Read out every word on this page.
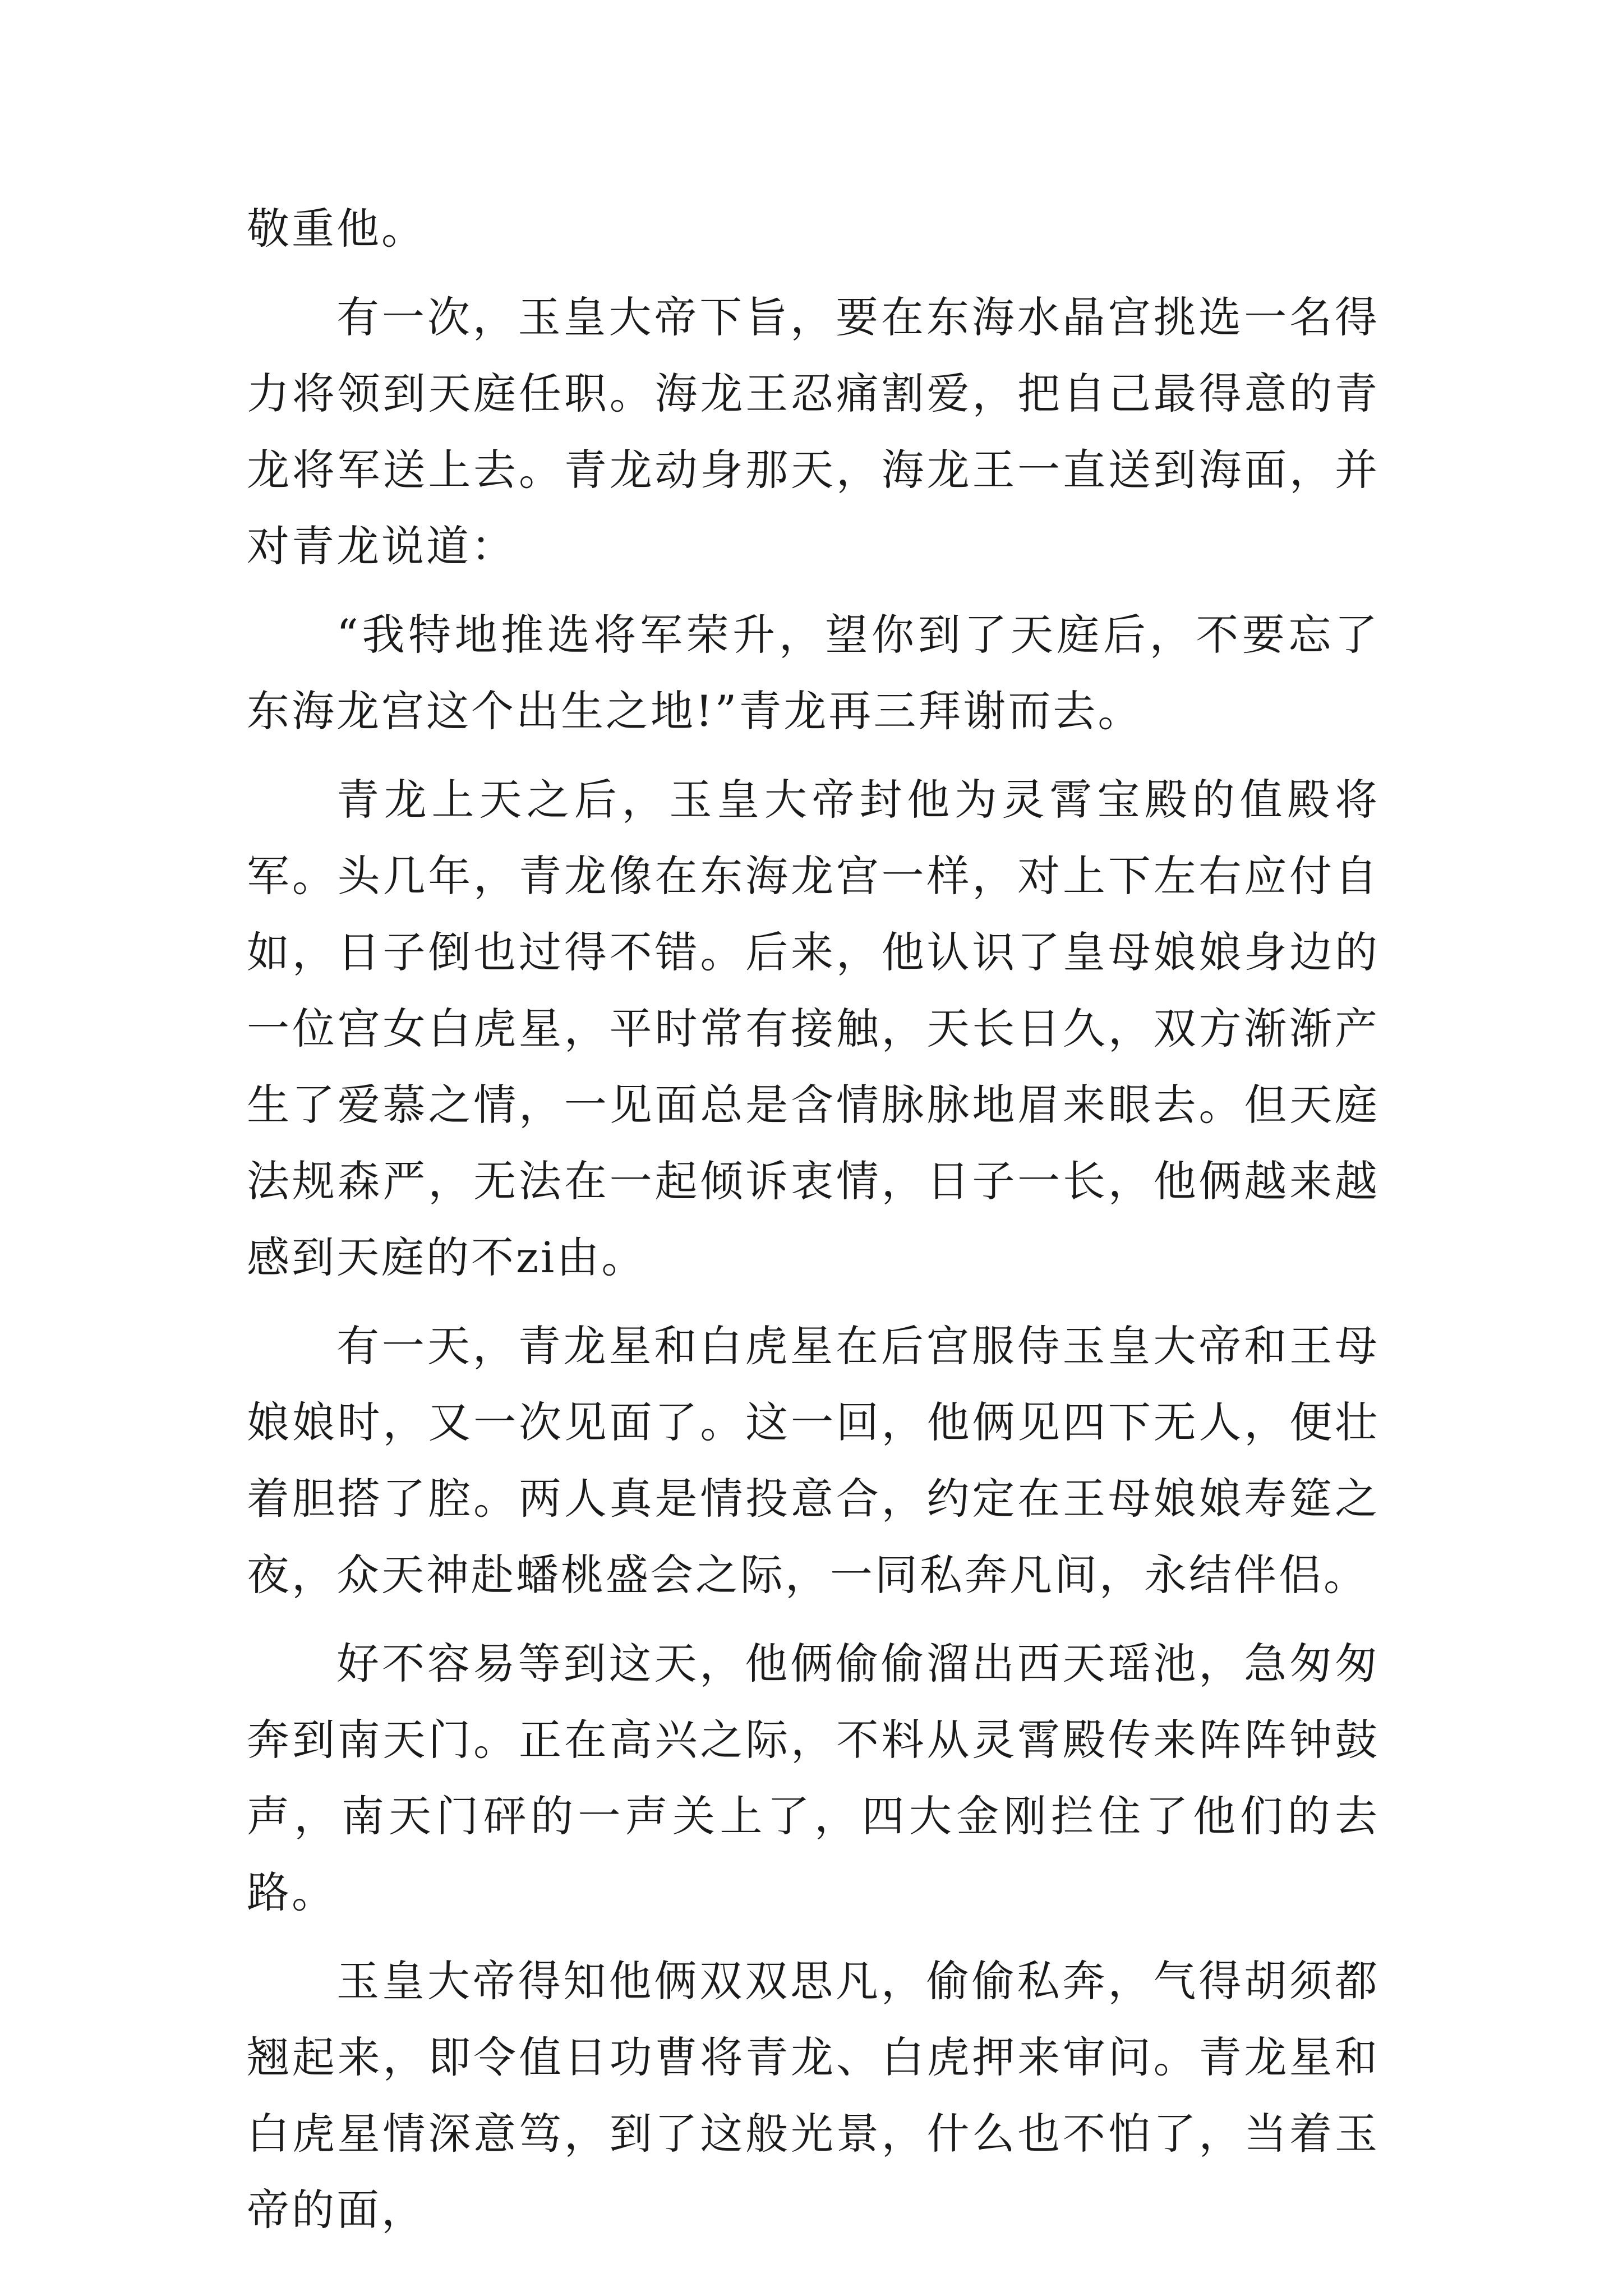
敬重他。

有一次，玉皇大帝下旨，要在东海水晶宫挑选一名得力将领到天庭任职。海龙王忍痛割爱，把自己最得意的青龙将军送上去。青龙动身那天，海龙王一直送到海面，并对青龙说道：

“我特地推选将军荣升，望你到了天庭后，不要忘了东海龙宫这个出生之地!”青龙再三拜谢而去。

青龙上天之后，玉皇大帝封他为灵霄宝殿的值殿将军。头几年，青龙像在东海龙宫一样，对上下左右应付自如，日子倒也过得不错。后来，他认识了皇母娘娘身边的一位宫女白虎星，平时常有接触，天长日久，双方渐渐产生了爱慕之情，一见面总是含情脉脉地眉来眼去。但天庭法规森严，无法在一起倾诉衷情，日子一长，他俩越来越感到天庭的不zi由。

有一天，青龙星和白虎星在后宫服侍玉皇大帝和王母娘娘时，又一次见面了。这一回，他俩见四下无人，便壮着胆搭了腔。两人真是情投意合，约定在王母娘娘寿筵之夜，众天神赴蟠桃盛会之际，一同私奔凡间，永结伴侣。

好不容易等到这天，他俩偷偷溜出西天瑶池，急匆匆奔到南天门。正在高兴之际，不料从灵霄殿传来阵阵钟鼓声，南天门砰的一声关上了，四大金刚拦住了他们的去路。

玉皇大帝得知他俩双双思凡，偷偷私奔，气得胡须都翘起来，即令值日功曹将青龙、白虎押来审问。青龙星和白虎星情深意笃，到了这般光景，什么也不怕了，当着玉帝的面，
